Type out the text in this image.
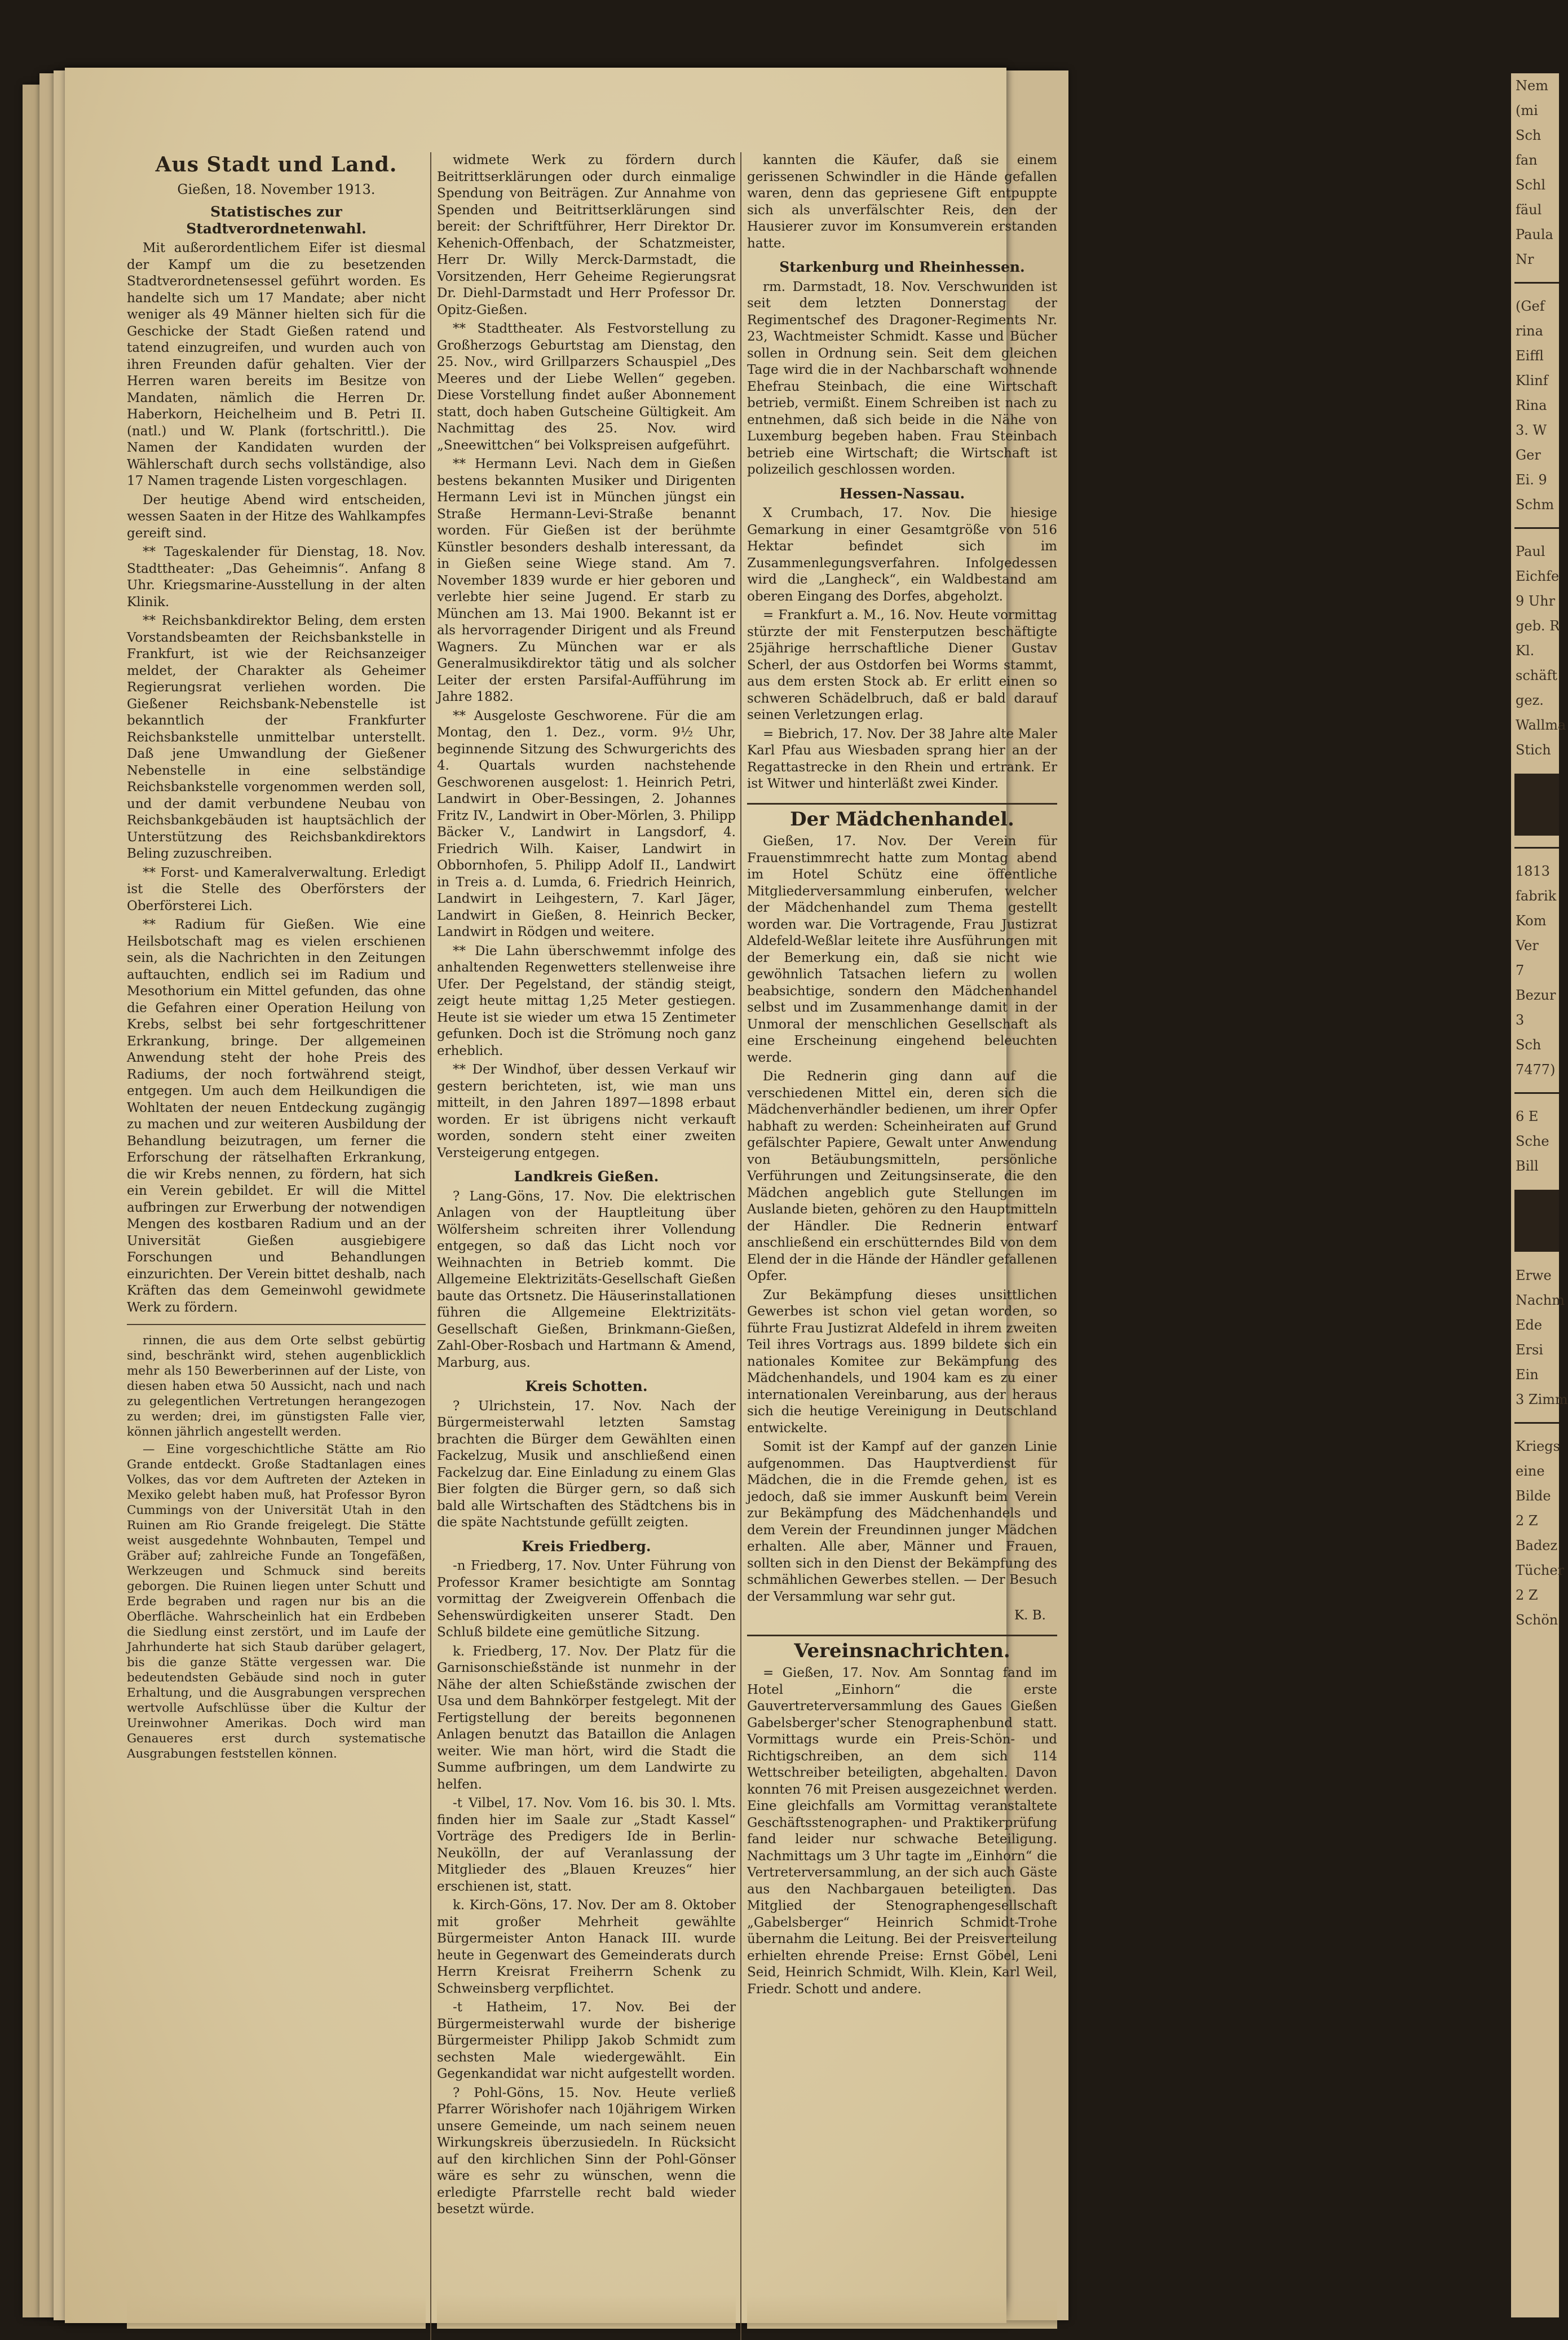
Aus Stadt und Land.
Gießen, 18. November 1913.
Statistisches zur Stadtverordnetenwahl.

Mit außerordentlichem Eifer ist diesmal der Kampf um die zu besetzenden Stadtverordnetensessel geführt worden. Es handelte sich um 17 Mandate; aber nicht weniger als 49 Männer hielten sich für die Geschicke der Stadt Gießen ratend und tatend einzugreifen, und wurden auch von ihren Freunden dafür gehalten. Vier der Herren waren bereits im Besitze von Mandaten, nämlich die Herren Dr. Haberkorn, Heichelheim und B. Petri II. (natl.) und W. Plank (fortschrittl.). Die Namen der Kandidaten wurden der Wählerschaft durch sechs vollständige, also 17 Namen tragende Listen vorgeschlagen.

Der heutige Abend wird entscheiden, wessen Saaten in der Hitze des Wahlkampfes gereift sind.

** Tageskalender für Dienstag, 18. Nov. Stadttheater: „Das Geheimnis“. Anfang 8 Uhr. Kriegsmarine-Ausstellung in der alten Klinik.

** Reichsbankdirektor Beling, dem ersten Vorstandsbeamten der Reichsbankstelle in Frankfurt, ist wie der Reichsanzeiger meldet, der Charakter als Geheimer Regierungsrat verliehen worden. Die Gießener Reichsbank-Nebenstelle ist bekanntlich der Frankfurter Reichsbankstelle unmittelbar unterstellt. Daß jene Umwandlung der Gießener Nebenstelle in eine selbständige Reichsbankstelle vorgenommen werden soll, und der damit verbundene Neubau von Reichsbankgebäuden ist hauptsächlich der Unterstützung des Reichsbankdirektors Beling zuzuschreiben.

** Forst- und Kameralverwaltung. Erledigt ist die Stelle des Oberförsters der Oberförsterei Lich.

** Radium für Gießen. Wie eine Heilsbotschaft mag es vielen erschienen sein, als die Nachrichten in den Zeitungen auftauchten, endlich sei im Radium und Mesothorium ein Mittel gefunden, das ohne die Gefahren einer Operation Heilung von Krebs, selbst bei sehr fortgeschrittener Erkrankung, bringe. Der allgemeinen Anwendung steht der hohe Preis des Radiums, der noch fortwährend steigt, entgegen. Um auch dem Heilkundigen die Wohltaten der neuen Entdeckung zugängig zu machen und zur weiteren Ausbildung der Behandlung beizutragen, um ferner die Erforschung der rätselhaften Erkrankung, die wir Krebs nennen, zu fördern, hat sich ein Verein gebildet. Er will die Mittel aufbringen zur Erwerbung der notwendigen Mengen des kostbaren Radium und an der Universität Gießen ausgiebigere Forschungen und Behandlungen einzurichten. Der Verein bittet deshalb, nach Kräften das dem Gemeinwohl gewidmete Werk zu fördern.

rinnen, die aus dem Orte selbst gebürtig sind, beschränkt wird, stehen augenblicklich mehr als 150 Bewerberinnen auf der Liste, von diesen haben etwa 50 Aussicht, nach und nach zu gelegentlichen Vertretungen herangezogen zu werden; drei, im günstigsten Falle vier, können jährlich angestellt werden.

— Eine vorgeschichtliche Stätte am Rio Grande entdeckt. Große Stadtanlagen eines Volkes, das vor dem Auftreten der Azteken in Mexiko gelebt haben muß, hat Professor Byron Cummings von der Universität Utah in den Ruinen am Rio Grande freigelegt. Die Stätte weist ausgedehnte Wohnbauten, Tempel und Gräber auf; zahlreiche Funde an Tongefäßen, Werkzeugen und Schmuck sind bereits geborgen. Die Ruinen liegen unter Schutt und Erde begraben und ragen nur bis an die Oberfläche. Wahrscheinlich hat ein Erdbeben die Siedlung einst zerstört, und im Laufe der Jahrhunderte hat sich Staub darüber gelagert, bis die ganze Stätte vergessen war. Die bedeutendsten Gebäude sind noch in guter Erhaltung, und die Ausgrabungen versprechen wertvolle Aufschlüsse über die Kultur der Ureinwohner Amerikas. Doch wird man Genaueres erst durch systematische Ausgrabungen feststellen können.

widmete Werk zu fördern durch Beitrittserklärungen oder durch einmalige Spendung von Beiträgen. Zur Annahme von Spenden und Beitrittserklärungen sind bereit: der Schriftführer, Herr Direktor Dr. Kehenich-Offenbach, der Schatzmeister, Herr Dr. Willy Merck-Darmstadt, die Vorsitzenden, Herr Geheime Regierungsrat Dr. Diehl-Darmstadt und Herr Professor Dr. Opitz-Gießen.

** Stadttheater. Als Festvorstellung zu Großherzogs Geburtstag am Dienstag, den 25. Nov., wird Grillparzers Schauspiel „Des Meeres und der Liebe Wellen“ gegeben. Diese Vorstellung findet außer Abonnement statt, doch haben Gutscheine Gültigkeit. Am Nachmittag des 25. Nov. wird „Sneewittchen“ bei Volkspreisen aufgeführt.

** Hermann Levi. Nach dem in Gießen bestens bekannten Musiker und Dirigenten Hermann Levi ist in München jüngst ein Straße Hermann-Levi-Straße benannt worden. Für Gießen ist der berühmte Künstler besonders deshalb interessant, da in Gießen seine Wiege stand. Am 7. November 1839 wurde er hier geboren und verlebte hier seine Jugend. Er starb zu München am 13. Mai 1900. Bekannt ist er als hervorragender Dirigent und als Freund Wagners. Zu München war er als Generalmusikdirektor tätig und als solcher Leiter der ersten Parsifal-Aufführung im Jahre 1882.

** Ausgeloste Geschworene. Für die am Montag, den 1. Dez., vorm. 9½ Uhr, beginnende Sitzung des Schwurgerichts des 4. Quartals wurden nachstehende Geschworenen ausgelost: 1. Heinrich Petri, Landwirt in Ober-Bessingen, 2. Johannes Fritz IV., Landwirt in Ober-Mörlen, 3. Philipp Bäcker V., Landwirt in Langsdorf, 4. Friedrich Wilh. Kaiser, Landwirt in Obbornhofen, 5. Philipp Adolf II., Landwirt in Treis a. d. Lumda, 6. Friedrich Heinrich, Landwirt in Leihgestern, 7. Karl Jäger, Landwirt in Gießen, 8. Heinrich Becker, Landwirt in Rödgen und weitere.

** Die Lahn überschwemmt infolge des anhaltenden Regenwetters stellenweise ihre Ufer. Der Pegelstand, der ständig steigt, zeigt heute mittag 1,25 Meter gestiegen. Heute ist sie wieder um etwa 15 Zentimeter gefunken. Doch ist die Strömung noch ganz erheblich.

** Der Windhof, über dessen Verkauf wir gestern berichteten, ist, wie man uns mitteilt, in den Jahren 1897—1898 erbaut worden. Er ist übrigens nicht verkauft worden, sondern steht einer zweiten Versteigerung entgegen.

Landkreis Gießen.

? Lang-Göns, 17. Nov. Die elektrischen Anlagen von der Hauptleitung über Wölfersheim schreiten ihrer Vollendung entgegen, so daß das Licht noch vor Weihnachten in Betrieb kommt. Die Allgemeine Elektrizitäts-Gesellschaft Gießen baute das Ortsnetz. Die Häuserinstallationen führen die Allgemeine Elektrizitäts-Gesellschaft Gießen, Brinkmann-Gießen, Zahl-Ober-Rosbach und Hartmann & Amend, Marburg, aus.

Kreis Schotten.

? Ulrichstein, 17. Nov. Nach der Bürgermeisterwahl letzten Samstag brachten die Bürger dem Gewählten einen Fackelzug, Musik und anschließend einen Fackelzug dar. Eine Einladung zu einem Glas Bier folgten die Bürger gern, so daß sich bald alle Wirtschaften des Städtchens bis in die späte Nachtstunde gefüllt zeigten.

Kreis Friedberg.

-n Friedberg, 17. Nov. Unter Führung von Professor Kramer besichtigte am Sonntag vormittag der Zweigverein Offenbach die Sehenswürdigkeiten unserer Stadt. Den Schluß bildete eine gemütliche Sitzung.

k. Friedberg, 17. Nov. Der Platz für die Garnisonschießstände ist nunmehr in der Nähe der alten Schießstände zwischen der Usa und dem Bahnkörper festgelegt. Mit der Fertigstellung der bereits begonnenen Anlagen benutzt das Bataillon die Anlagen weiter. Wie man hört, wird die Stadt die Summe aufbringen, um dem Landwirte zu helfen.

-t Vilbel, 17. Nov. Vom 16. bis 30. l. Mts. finden hier im Saale zur „Stadt Kassel“ Vorträge des Predigers Ide in Berlin-Neukölln, der auf Veranlassung der Mitglieder des „Blauen Kreuzes“ hier erschienen ist, statt.

k. Kirch-Göns, 17. Nov. Der am 8. Oktober mit großer Mehrheit gewählte Bürgermeister Anton Hanack III. wurde heute in Gegenwart des Gemeinderats durch Herrn Kreisrat Freiherrn Schenk zu Schweinsberg verpflichtet.

-t Hatheim, 17. Nov. Bei der Bürgermeisterwahl wurde der bisherige Bürgermeister Philipp Jakob Schmidt zum sechsten Male wiedergewählt. Ein Gegenkandidat war nicht aufgestellt worden.

? Pohl-Göns, 15. Nov. Heute verließ Pfarrer Wörishofer nach 10jährigem Wirken unsere Gemeinde, um nach seinem neuen Wirkungskreis überzusiedeln. In Rücksicht auf den kirchlichen Sinn der Pohl-Gönser wäre es sehr zu wünschen, wenn die erledigte Pfarrstelle recht bald wieder besetzt würde.

kannten die Käufer, daß sie einem gerissenen Schwindler in die Hände gefallen waren, denn das gepriesene Gift entpuppte sich als unverfälschter Reis, den der Hausierer zuvor im Konsumverein erstanden hatte.

Starkenburg und Rheinhessen.

rm. Darmstadt, 18. Nov. Verschwunden ist seit dem letzten Donnerstag der Regimentschef des Dragoner-Regiments Nr. 23, Wachtmeister Schmidt. Kasse und Bücher sollen in Ordnung sein. Seit dem gleichen Tage wird die in der Nachbarschaft wohnende Ehefrau Steinbach, die eine Wirtschaft betrieb, vermißt. Einem Schreiben ist nach zu entnehmen, daß sich beide in die Nähe von Luxemburg begeben haben. Frau Steinbach betrieb eine Wirtschaft; die Wirtschaft ist polizeilich geschlossen worden.

Hessen-Nassau.

X Crumbach, 17. Nov. Die hiesige Gemarkung in einer Gesamtgröße von 516 Hektar befindet sich im Zusammenlegungsverfahren. Infolgedessen wird die „Langheck“, ein Waldbestand am oberen Eingang des Dorfes, abgeholzt.

= Frankfurt a. M., 16. Nov. Heute vormittag stürzte der mit Fensterputzen beschäftigte 25jährige herrschaftliche Diener Gustav Scherl, der aus Ostdorfen bei Worms stammt, aus dem ersten Stock ab. Er erlitt einen so schweren Schädelbruch, daß er bald darauf seinen Verletzungen erlag.

= Biebrich, 17. Nov. Der 38 Jahre alte Maler Karl Pfau aus Wiesbaden sprang hier an der Regattastrecke in den Rhein und ertrank. Er ist Witwer und hinterläßt zwei Kinder.

Der Mädchenhandel.

Gießen, 17. Nov. Der Verein für Frauenstimmrecht hatte zum Montag abend im Hotel Schütz eine öffentliche Mitgliederversammlung einberufen, welcher der Mädchenhandel zum Thema gestellt worden war. Die Vortragende, Frau Justizrat Aldefeld-Weßlar leitete ihre Ausführungen mit der Bemerkung ein, daß sie nicht wie gewöhnlich Tatsachen liefern zu wollen beabsichtige, sondern den Mädchenhandel selbst und im Zusammenhange damit in der Unmoral der menschlichen Gesellschaft als eine Erscheinung eingehend beleuchten werde.

Die Rednerin ging dann auf die verschiedenen Mittel ein, deren sich die Mädchenverhändler bedienen, um ihrer Opfer habhaft zu werden: Scheinheiraten auf Grund gefälschter Papiere, Gewalt unter Anwendung von Betäubungsmitteln, persönliche Verführungen und Zeitungsinserate, die den Mädchen angeblich gute Stellungen im Auslande bieten, gehören zu den Hauptmitteln der Händler. Die Rednerin entwarf anschließend ein erschütterndes Bild von dem Elend der in die Hände der Händler gefallenen Opfer.

Zur Bekämpfung dieses unsittlichen Gewerbes ist schon viel getan worden, so führte Frau Justizrat Aldefeld in ihrem zweiten Teil ihres Vortrags aus. 1899 bildete sich ein nationales Komitee zur Bekämpfung des Mädchenhandels, und 1904 kam es zu einer internationalen Vereinbarung, aus der heraus sich die heutige Vereinigung in Deutschland entwickelte.

Somit ist der Kampf auf der ganzen Linie aufgenommen. Das Hauptverdienst für Mädchen, die in die Fremde gehen, ist es jedoch, daß sie immer Auskunft beim Verein zur Bekämpfung des Mädchenhandels und dem Verein der Freundinnen junger Mädchen erhalten. Alle aber, Männer und Frauen, sollten sich in den Dienst der Bekämpfung des schmählichen Gewerbes stellen. — Der Besuch der Versammlung war sehr gut.

K. B.
Vereinsnachrichten.

= Gießen, 17. Nov. Am Sonntag fand im Hotel „Einhorn“ die erste Gauvertreterversammlung des Gaues Gießen Gabelsberger'scher Stenographenbund statt. Vormittags wurde ein Preis-Schön- und Richtigschreiben, an dem sich 114 Wettschreiber beteiligten, abgehalten. Davon konnten 76 mit Preisen ausgezeichnet werden. Eine gleichfalls am Vormittag veranstaltete Geschäftsstenographen- und Praktikerprüfung fand leider nur schwache Beteiligung. Nachmittags um 3 Uhr tagte im „Einhorn“ die Vertreterversammlung, an der sich auch Gäste aus den Nachbargauen beteiligten. Das Mitglied der Stenographengesellschaft „Gabelsberger“ Heinrich Schmidt-Trohe übernahm die Leitung. Bei der Preisverteilung erhielten ehrende Preise: Ernst Göbel, Leni Seid, Heinrich Schmidt, Wilh. Klein, Karl Weil, Friedr. Schott und andere.

Nem
(mi
Sch
fan
Schl
fäul
Paula
Nr
(Gef
rina
Eiffl
Klinf
Rina
3. W
Ger
Ei. 9
Schm
Paul
Eichfe
9 Uhr
geb. R
Kl.
schäft
gez.
Wallma
Stich
1813
fabrik
Kom
Ver
7
Bezur
3
Sch
7477)
6 E
Sche
Bill
Erwe
Nachm
Ede
Ersi
Ein
3 Zimm
Kriegs
eine
Bilde
2 Z
Badez
Tücher
2 Z
Schön
